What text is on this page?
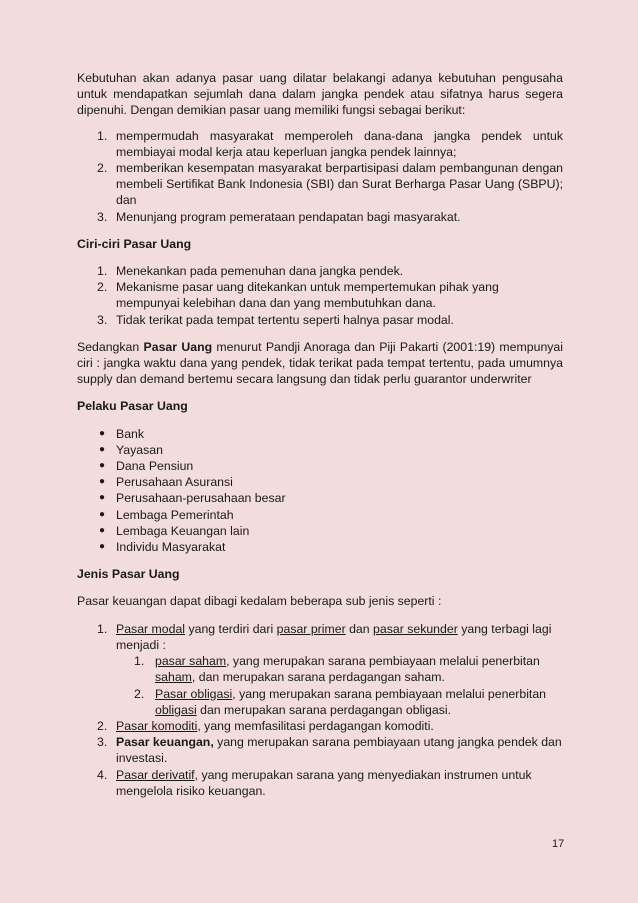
Kebutuhan akan adanya pasar uang dilatar belakangi adanya kebutuhan pengusaha untuk mendapatkan sejumlah dana dalam jangka pendek atau sifatnya harus segera dipenuhi. Dengan demikian pasar uang memiliki fungsi sebagai berikut:

1. mempermudah masyarakat memperoleh dana-dana jangka pendek untuk membiayai modal kerja atau keperluan jangka pendek lainnya;
2. memberikan kesempatan masyarakat berpartisipasi dalam pembangunan dengan membeli Sertifikat Bank Indonesia (SBI) dan Surat Berharga Pasar Uang (SBPU); dan
3. Menunjang program pemerataan pendapatan bagi masyarakat.

Ciri-ciri Pasar Uang

1. Menekankan pada pemenuhan dana jangka pendek.
2. Mekanisme pasar uang ditekankan untuk mempertemukan pihak yang mempunyai kelebihan dana dan yang membutuhkan dana.
3. Tidak terikat pada tempat tertentu seperti halnya pasar modal.

Sedangkan Pasar Uang menurut Pandji Anoraga dan Piji Pakarti (2001:19) mempunyai ciri : jangka waktu dana yang pendek, tidak terikat pada tempat tertentu, pada umumnya supply dan demand bertemu secara langsung dan tidak perlu guarantor underwriter

Pelaku Pasar Uang

● Bank
● Yayasan
● Dana Pensiun
● Perusahaan Asuransi
● Perusahaan-perusahaan besar
● Lembaga Pemerintah
● Lembaga Keuangan lain
● Individu Masyarakat

Jenis Pasar Uang

Pasar keuangan dapat dibagi kedalam beberapa sub jenis seperti :

1. Pasar modal yang terdiri dari pasar primer dan pasar sekunder yang terbagi lagi menjadi :
1. pasar saham, yang merupakan sarana pembiayaan melalui penerbitan saham, dan merupakan sarana perdagangan saham.
2. Pasar obligasi, yang merupakan sarana pembiayaan melalui penerbitan obligasi dan merupakan sarana perdagangan obligasi.
2. Pasar komoditi, yang memfasilitasi perdagangan komoditi.
3. Pasar keuangan, yang merupakan sarana pembiayaan utang jangka pendek dan investasi.
4. Pasar derivatif, yang merupakan sarana yang menyediakan instrumen untuk mengelola risiko keuangan.
17
